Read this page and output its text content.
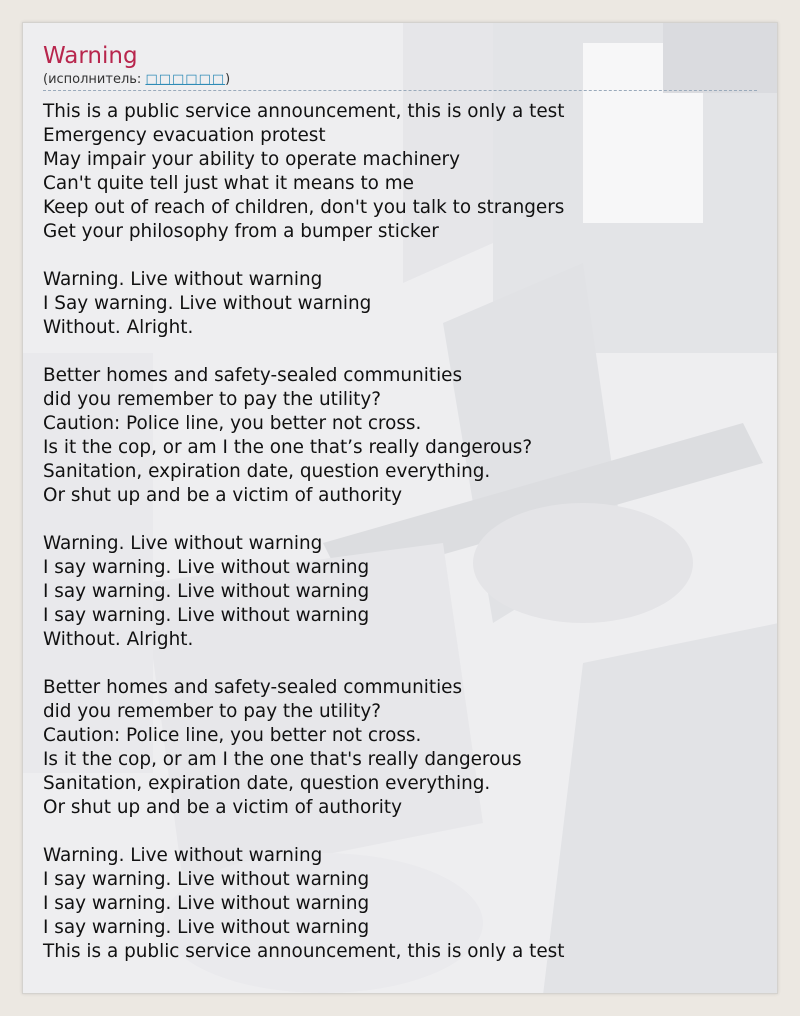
Warning
(исполнитель: □□□□□□)
This is a public service announcement, this is only a test
Emergency evacuation protest
May impair your ability to operate machinery
Can't quite tell just what it means to me
Keep out of reach of children, don't you talk to strangers
Get your philosophy from a bumper sticker
Warning. Live without warning
I Say warning. Live without warning
Without. Alright.
Better homes and safety-sealed communities
did you remember to pay the utility?
Caution: Police line, you better not cross.
Is it the cop, or am I the one that’s really dangerous?
Sanitation, expiration date, question everything.
Or shut up and be a victim of authority
Warning. Live without warning
I say warning. Live without warning
I say warning. Live without warning
I say warning. Live without warning
Without. Alright.
Better homes and safety-sealed communities
did you remember to pay the utility?
Caution: Police line, you better not cross.
Is it the cop, or am I the one that's really dangerous
Sanitation, expiration date, question everything.
Or shut up and be a victim of authority
Warning. Live without warning
I say warning. Live without warning
I say warning. Live without warning
I say warning. Live without warning
This is a public service announcement, this is only a test
